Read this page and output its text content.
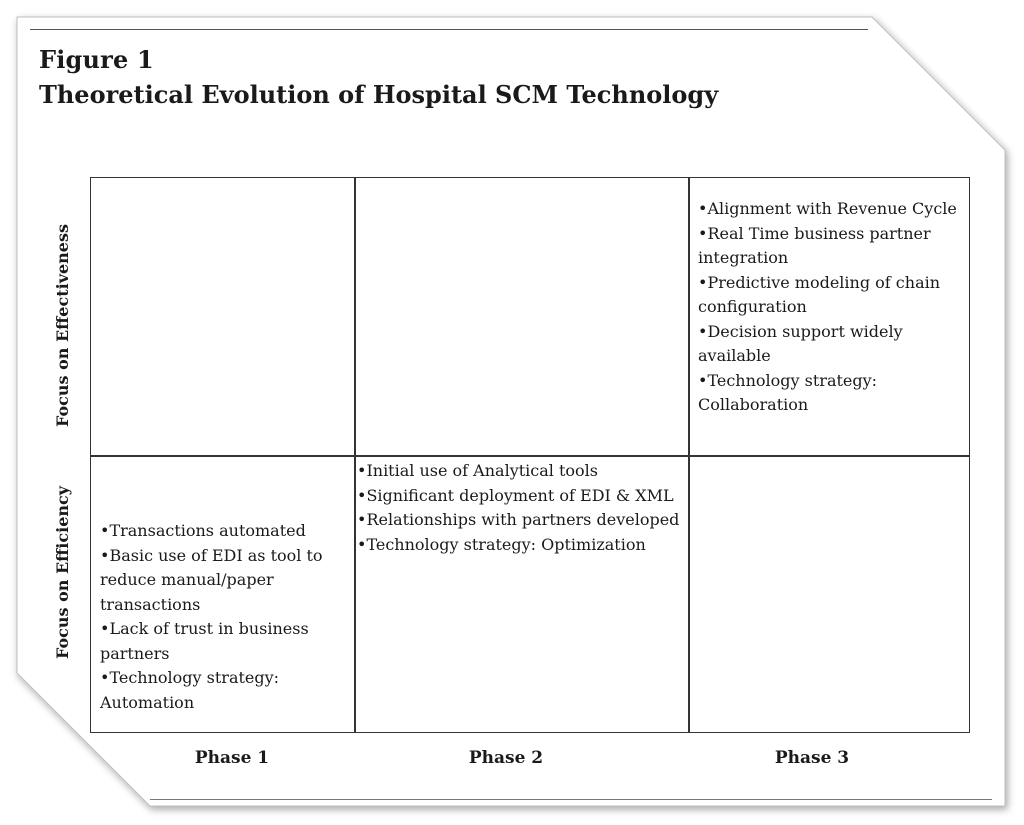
Figure 1
Theoretical Evolution of Hospital SCM Technology
Focus on Effectiveness
Focus on Efficiency
•Alignment with Revenue Cycle
•Real Time business partner integration
•Predictive modeling of chain configuration
•Decision support widely available
•Technology strategy: Collaboration
•Transactions automated
•Basic use of EDI as tool to reduce manual/paper transactions
•Lack of trust in business partners
•Technology strategy: Automation
•Initial use of Analytical tools
•Significant deployment of EDI & XML
•Relationships with partners developed
•Technology strategy: Optimization
Phase 1	Phase 2	Phase 3
